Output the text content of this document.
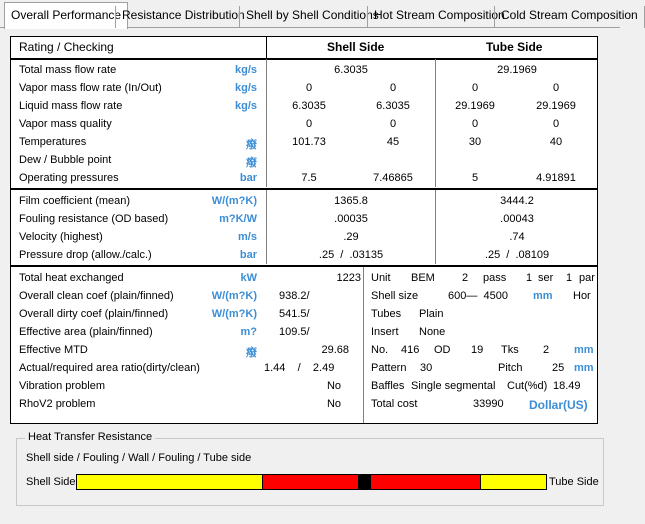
Overall Performance Resistance Distribution Shell by Shell Conditions
Hot Stream Composition
Cold Stream Composition
Rating / Checking	Shell Side	Tube Side
Total mass flow rate	kg/s	6.3035	29.1969
Vapor mass flow rate (In/Out)	kg/s	0	0	0	0
Liquid mass flow rate	kg/s	6.3035	6.3035	29.1969	29.1969
Vapor mass quality	0	0	0	0
Temperatures	癈	101.73	45	30	40
Dew / Bubble point	癈
Operating pressures	bar	7.5	7.46865	5	4.91891
Film coefficient (mean)	W/(m?K)	1365.8	3444.2
Fouling resistance (OD based)	m?K/W	.00035	.00043
Velocity (highest)	m/s	.29	.74
Pressure drop (allow./calc.)	bar	.25  /  .03135	.25  /  .08109
Total heat exchanged	kW	1223
Overall clean coef (plain/finned)	W/(m?K) 938.2/
Overall dirty coef (plain/finned)	W/(m?K) 541.5/
Effective area (plain/finned)	m? 109.5/
Effective MTD	癈	29.68
Actual/required area ratio(dirty/clean)	1.44    /    2.49
Vibration problem	No
RhoV2 problem	No
Unit BEM 2 pass 1 ser 1 par
Shell size	600—  4500 mm Hor
Tubes Plain
Insert None
No. 416 OD 19 Tks 2 mm
Pattern 30	Pitch	25 mm
Baffles Single segmental Cut(%d) 18.49
Total cost	33990 Dollar(US)
Heat Transfer Resistance
Shell side / Fouling / Wall / Fouling / Tube side
Shell Side	Tube Side
